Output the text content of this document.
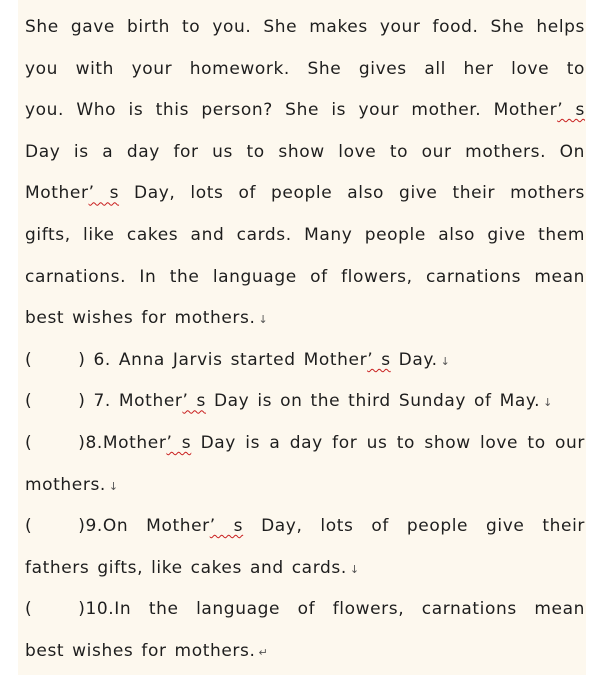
She gave birth to you. She makes your food. She helps
you with your homework. She gives all her love to
you. Who is this person? She is your mother. Mother’ s
Day is a day for us to show love to our mothers. On
Mother’ s Day, lots of people also give their mothers
gifts, like cakes and cards. Many people also give them
carnations. In the language of flowers, carnations mean
best wishes for mothers. ↓
(	) 6. Anna Jarvis started Mother’ s Day. ↓
(	) 7. Mother’ s Day is on the third Sunday of May. ↓
(	)8.Mother’ s Day is a day for us to show love to our
mothers. ↓
(	)9.On Mother’ s Day, lots of people give their
fathers gifts, like cakes and cards. ↓
(	)10.In the language of flowers, carnations mean
best wishes for mothers. ↵
